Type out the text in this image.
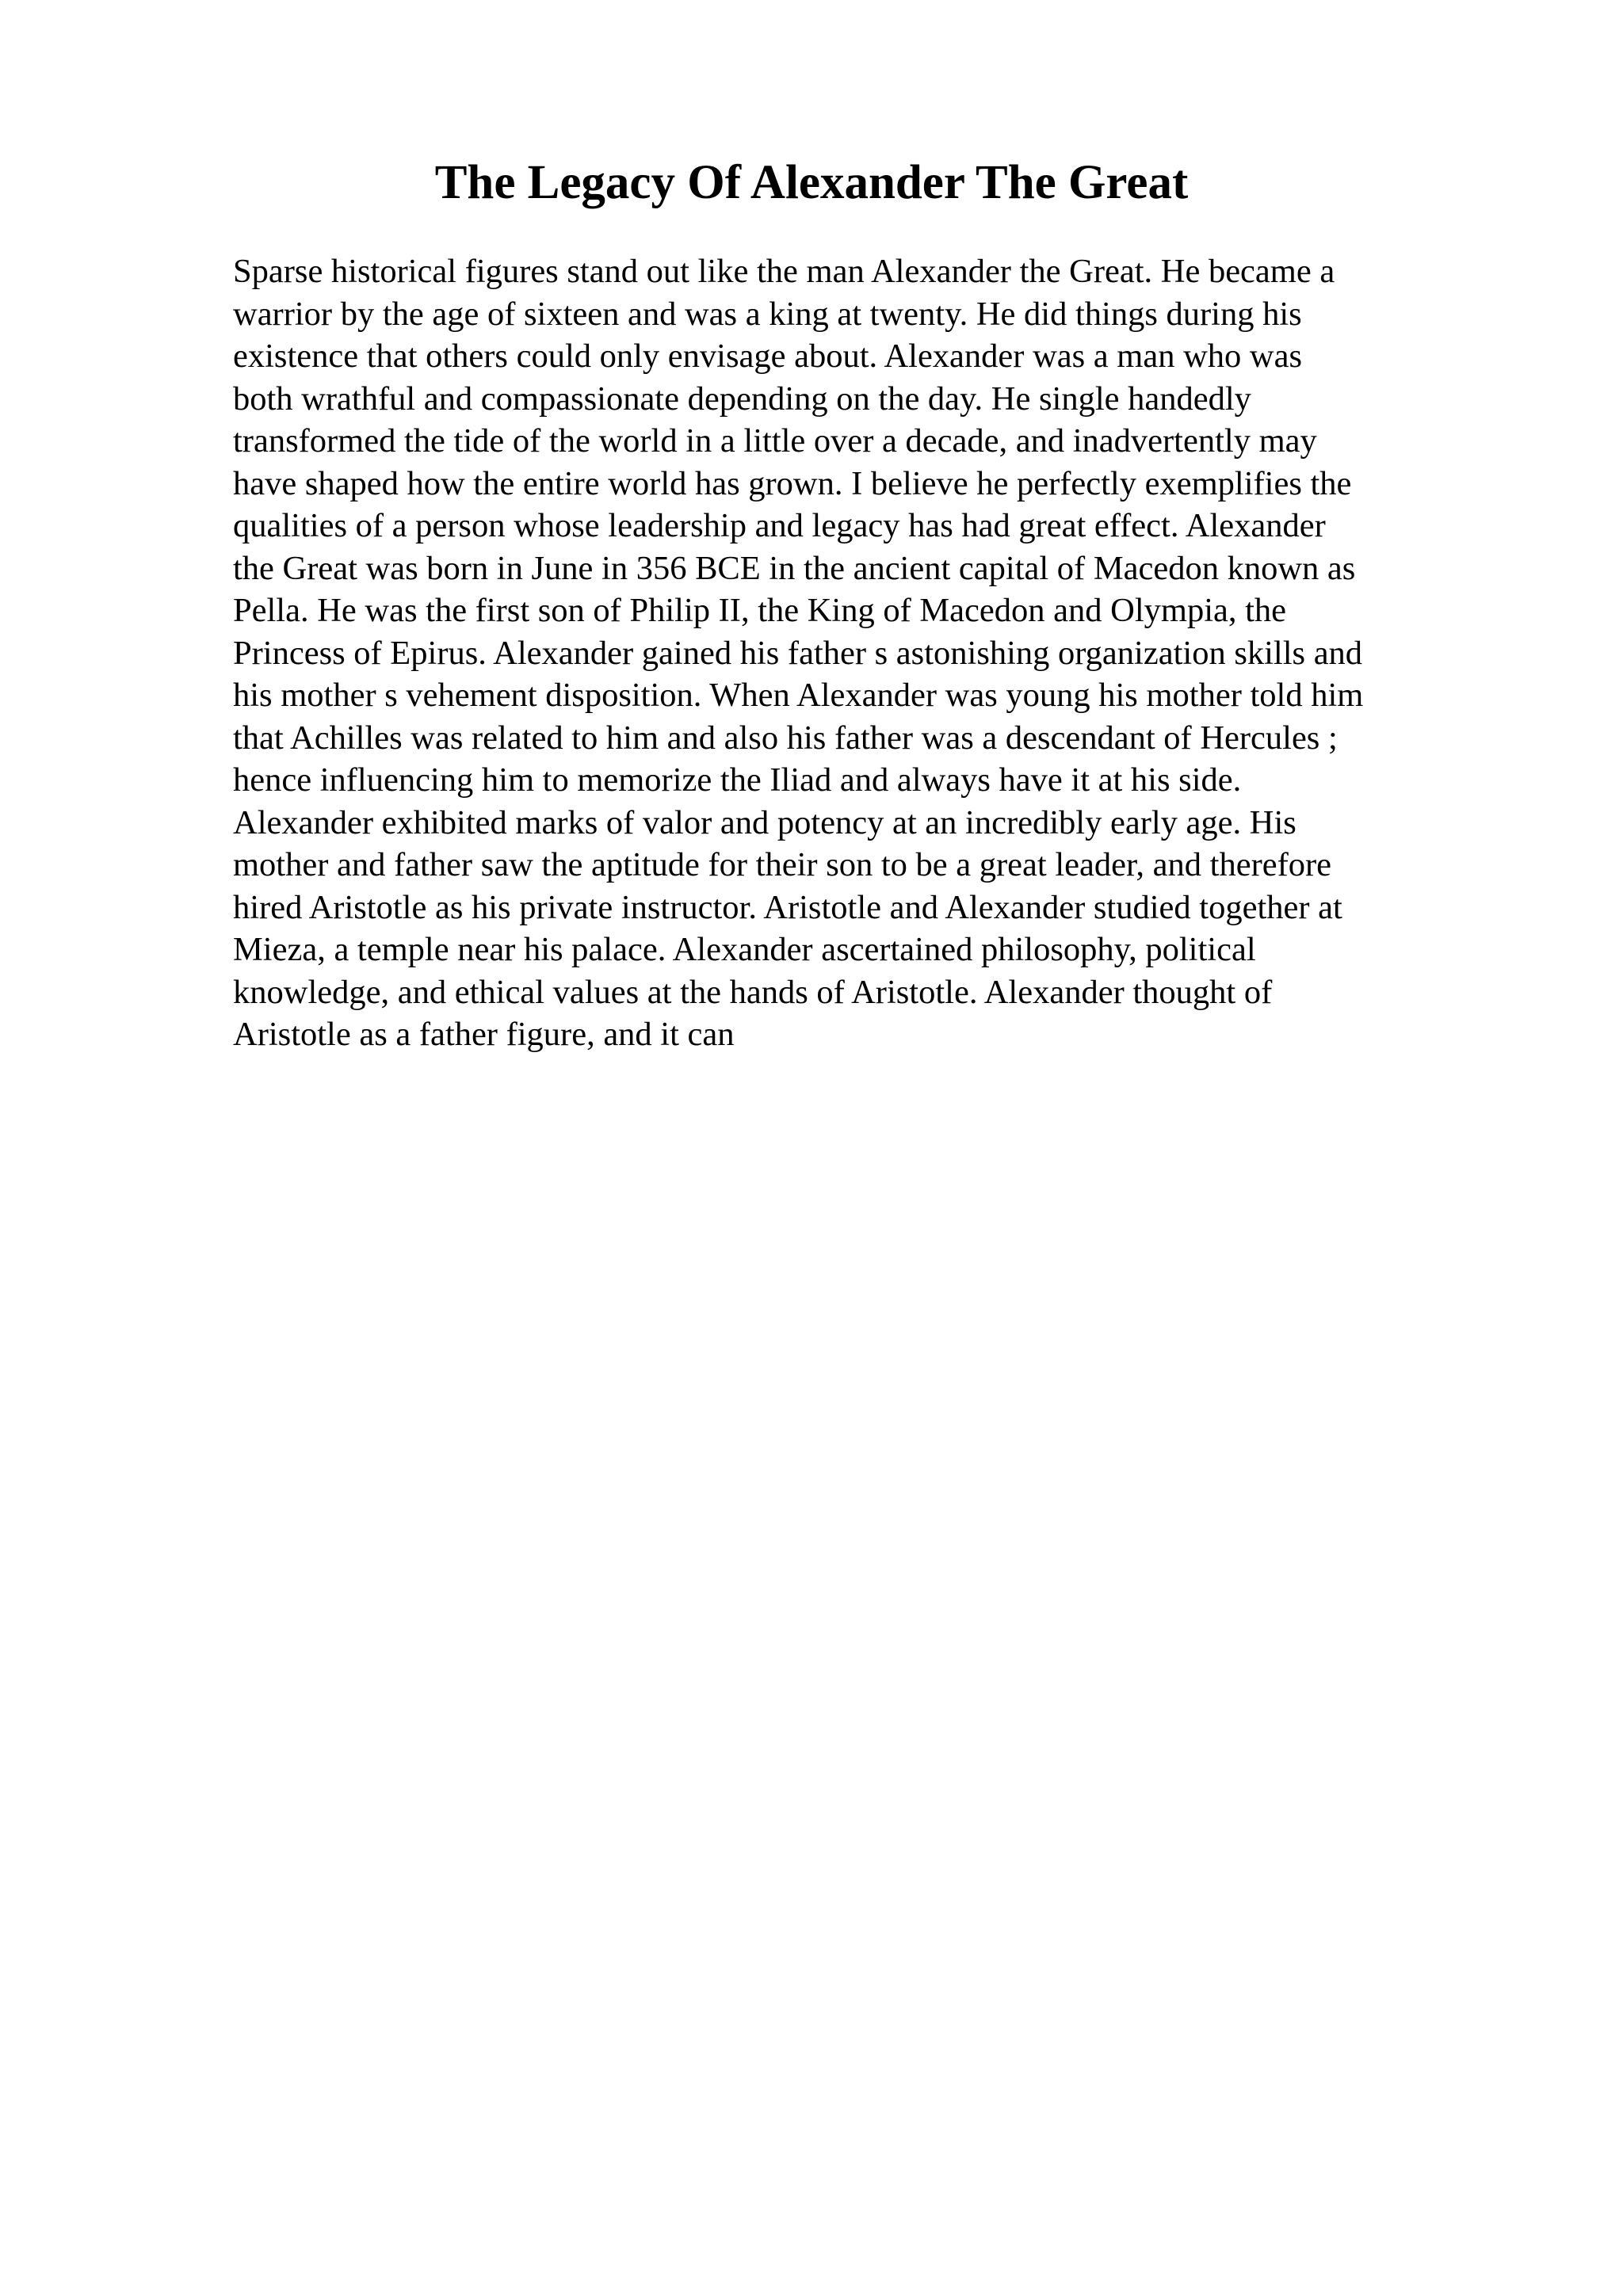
The Legacy Of Alexander The Great
Sparse historical figures stand out like the man Alexander the Great. He became a
warrior by the age of sixteen and was a king at twenty. He did things during his
existence that others could only envisage about. Alexander was a man who was
both wrathful and compassionate depending on the day. He single handedly
transformed the tide of the world in a little over a decade, and inadvertently may
have shaped how the entire world has grown. I believe he perfectly exemplifies the
qualities of a person whose leadership and legacy has had great effect. Alexander
the Great was born in June in 356 BCE in the ancient capital of Macedon known as
Pella. He was the first son of Philip II, the King of Macedon and Olympia, the
Princess of Epirus. Alexander gained his father s astonishing organization skills and
his mother s vehement disposition. When Alexander was young his mother told him
that Achilles was related to him and also his father was a descendant of Hercules ;
hence influencing him to memorize the Iliad and always have it at his side.
Alexander exhibited marks of valor and potency at an incredibly early age. His
mother and father saw the aptitude for their son to be a great leader, and therefore
hired Aristotle as his private instructor. Aristotle and Alexander studied together at
Mieza, a temple near his palace. Alexander ascertained philosophy, political
knowledge, and ethical values at the hands of Aristotle. Alexander thought of
Aristotle as a father figure, and it can
